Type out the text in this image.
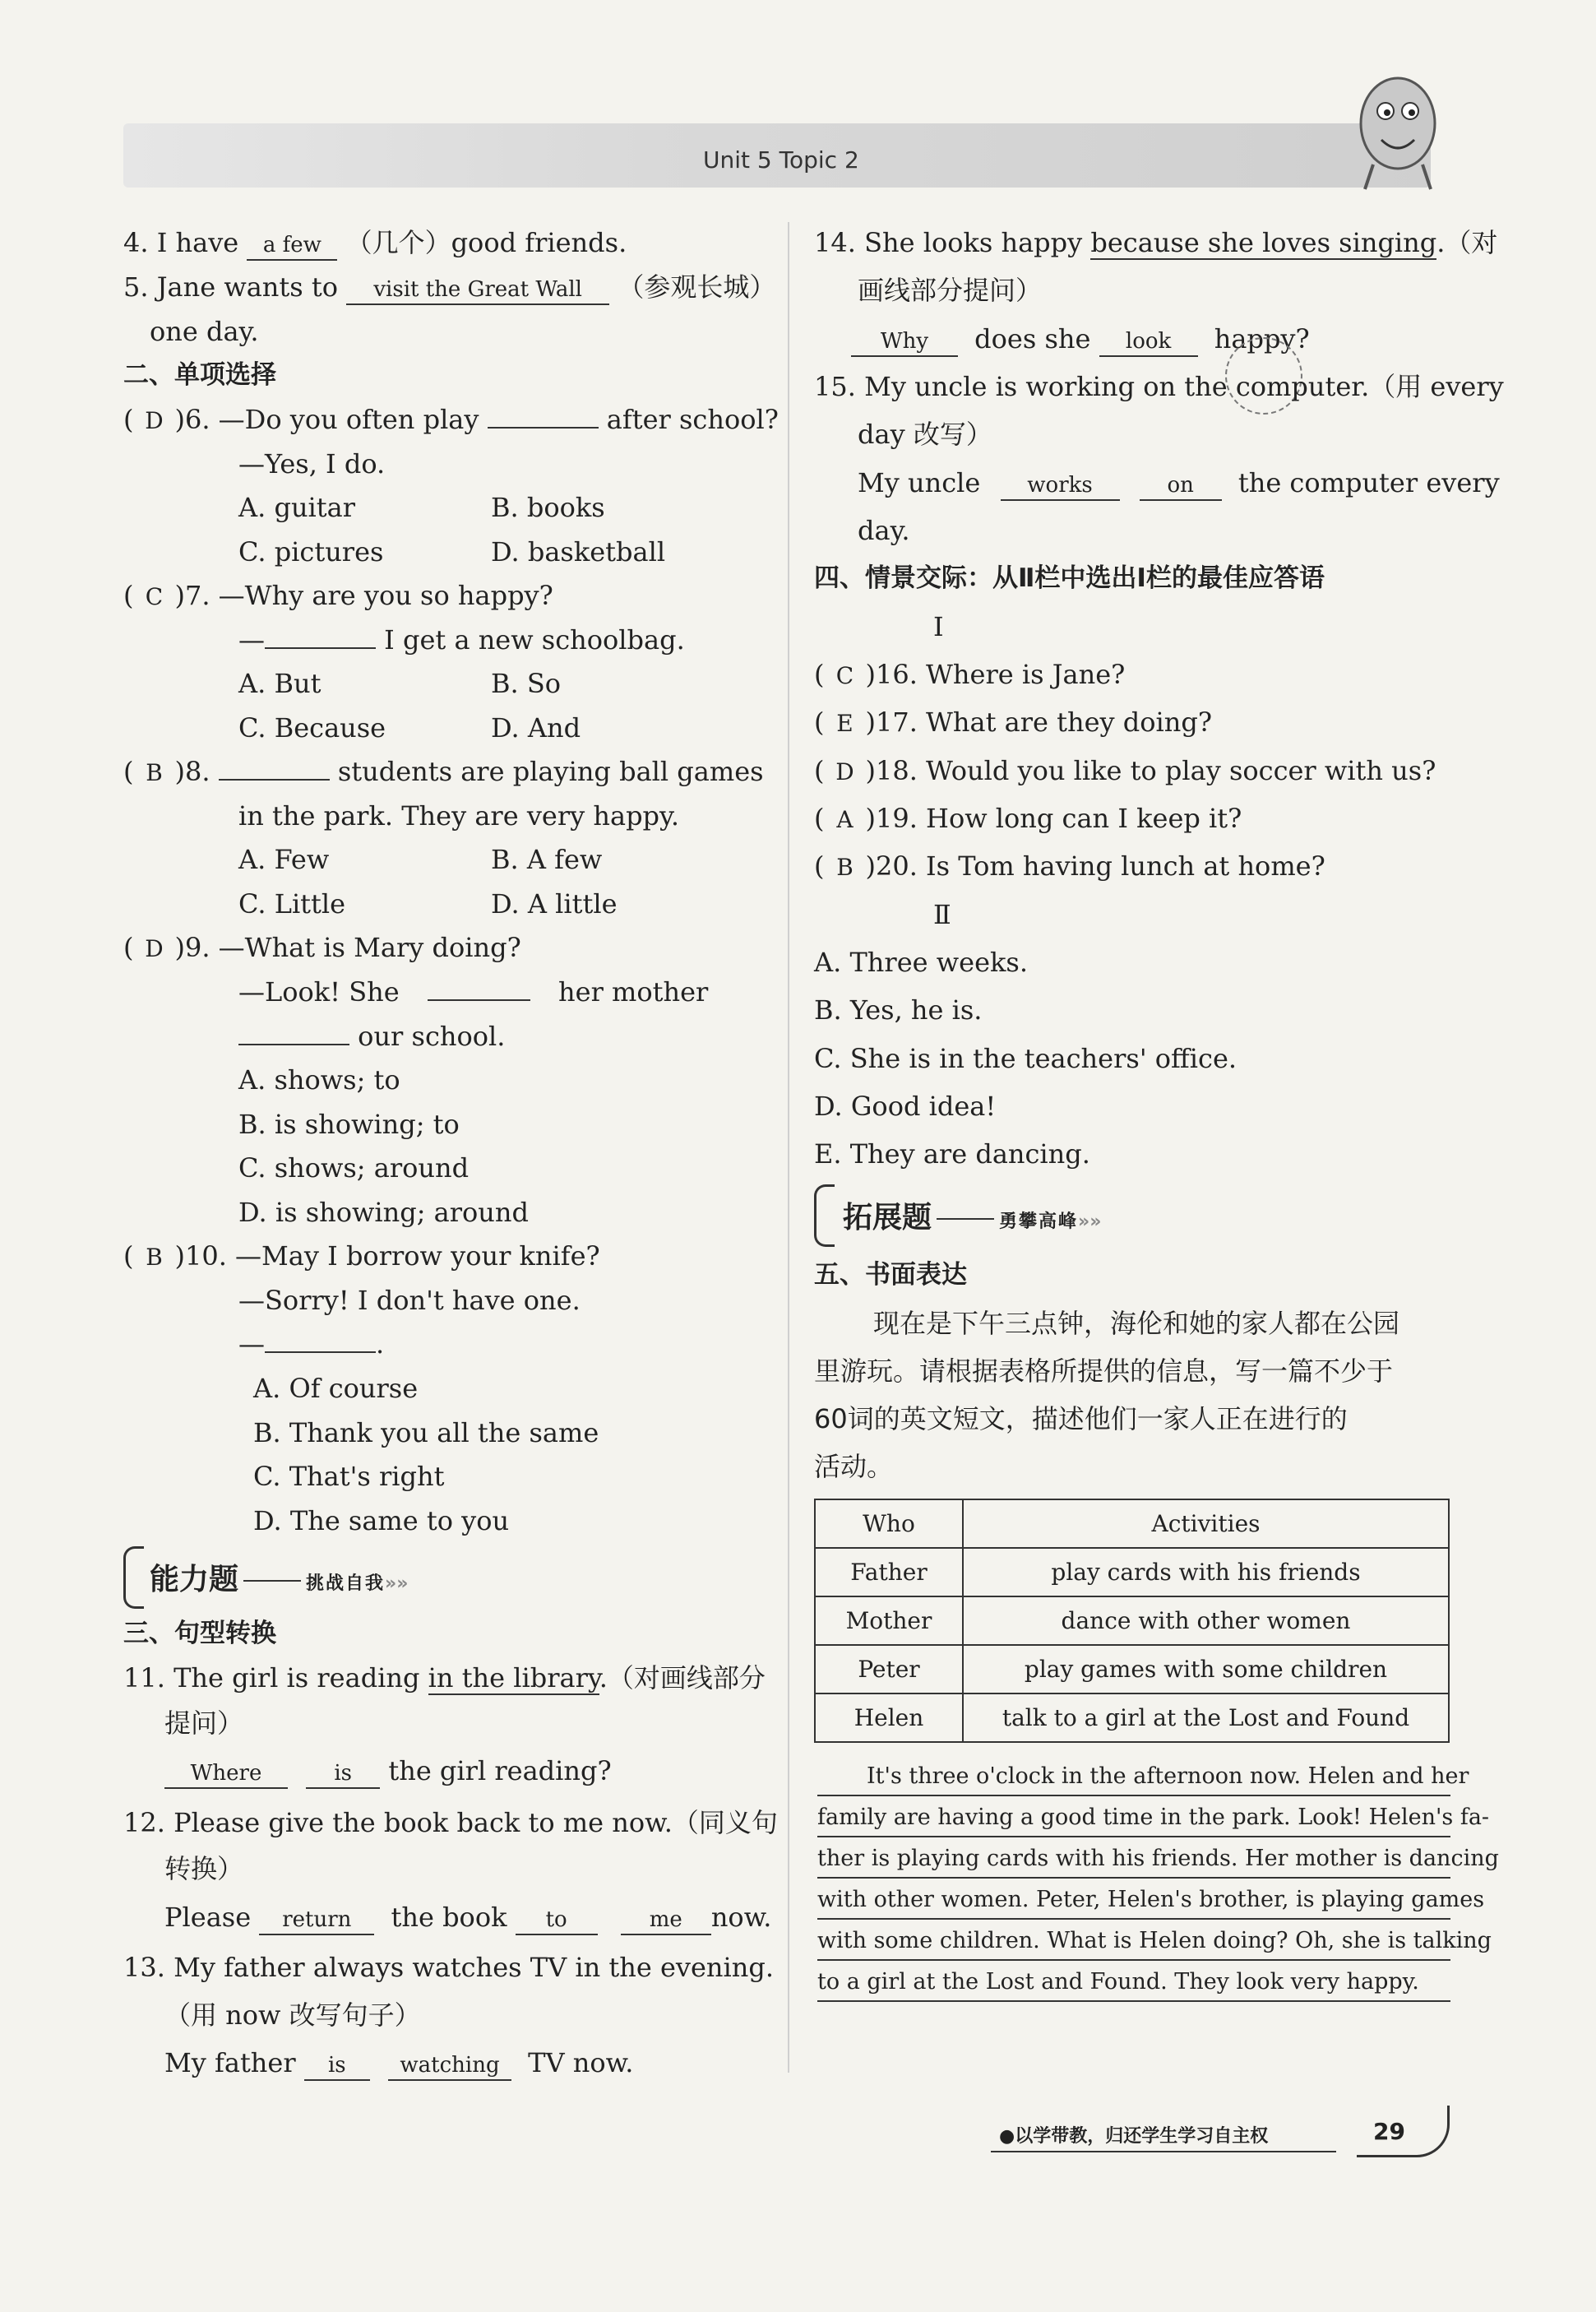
Unit 5 Topic 2
4. I have a few （几个）good friends.
5. Jane wants to visit the Great Wall （参观长城）
one day.
二、单项选择
( D )6. —Do you often play	after school?
—Yes, I do.
A. guitar	B. books
C. pictures	D. basketball
( C )7. —Why are you so happy?
—	I get a new schoolbag.
A. But	B. So
C. Because	D. And
( B )8.	students are playing ball games
in the park. They are very happy.
A. Few	B. A few
C. Little	D. A little
( D )9. —What is Mary doing?
—Look! She	her mother
our school.
A. shows; to
B. is showing; to
C. shows; around
D. is showing; around
( B )10. —May I borrow your knife?
—Sorry! I don't have one.
—	.
A. Of course
B. Thank you all the same
C. That's right
D. The same to you
能力题	挑战自我»»
三、句型转换
11. The girl is reading in the library.（对画线部分
提问）
Where	is the girl reading?
12. Please give the book back to me now.（同义句
转换）
Please return the book to	me now.
13. My father always watches TV in the evening.
（用 now 改写句子）
My father is	watching TV now.
14. She looks happy because she loves singing.（对
画线部分提问）
Why does she look happy?
15. My uncle is working on the computer.（用 every
day 改写）
My uncle works	on the computer every
day.
四、情景交际：从Ⅱ栏中选出Ⅰ栏的最佳应答语
Ⅰ
( C )16. Where is Jane?
( E )17. What are they doing?
( D )18. Would you like to play soccer with us?
( A )19. How long can I keep it?
( B )20. Is Tom having lunch at home?
Ⅱ
A. Three weeks.
B. Yes, he is.
C. She is in the teachers' office.
D. Good idea!
E. They are dancing.
拓展题	勇攀高峰»»
五、书面表达
现在是下午三点钟，海伦和她的家人都在公园
里游玩。请根据表格所提供的信息，写一篇不少于
60词的英文短文，描述他们一家人正在进行的
活动。
Who	Activities
Father	play cards with his friends
Mother	dance with other women
Peter	play games with some children
Helen	talk to a girl at the Lost and Found
It's three o'clock in the afternoon now. Helen and her
family are having a good time in the park. Look! Helen's fa-
ther is playing cards with his friends. Her mother is dancing
with other women. Peter, Helen's brother, is playing games
with some children. What is Helen doing? Oh, she is talking
to a girl at the Lost and Found. They look very happy.
●以学带教，归还学生学习自主权	29
